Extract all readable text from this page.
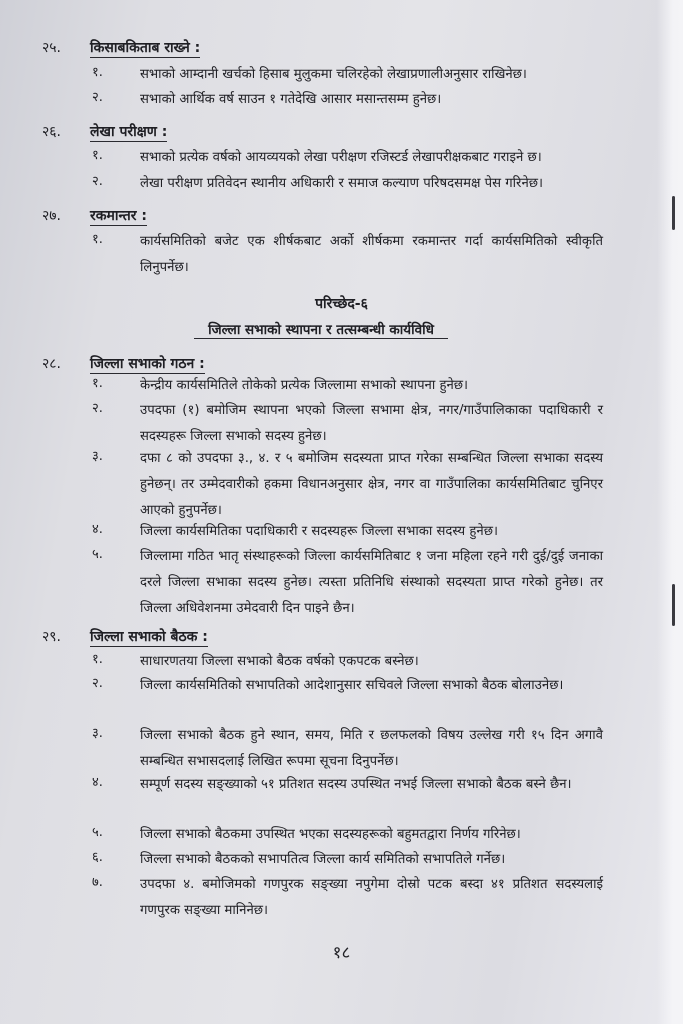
२५. किसाबकिताब राख्ने :
१.	सभाको आम्दानी खर्चको हिसाब मुलुकमा चलिरहेको लेखाप्रणालीअनुसार राखिनेछ।
२.	सभाको आर्थिक वर्ष साउन १ गतेदेखि आसार मसान्तसम्म हुनेछ।
२६. लेखा परीक्षण :
१.	सभाको प्रत्येक वर्षको आयव्ययको लेखा परीक्षण रजिस्टर्ड लेखापरीक्षकबाट गराइने छ।
२.	लेखा परीक्षण प्रतिवेदन स्थानीय अधिकारी र समाज कल्याण परिषदसमक्ष पेस गरिनेछ।
२७. रकमान्तर :
१.	कार्यसमितिको बजेट एक शीर्षकबाट अर्को शीर्षकमा रकमान्तर गर्दा कार्यसमितिको स्वीकृति लिनुपर्नेछ।
परिच्छेद-६
जिल्ला सभाको स्थापना र तत्सम्बन्धी कार्यविधि
२८. जिल्ला सभाको गठन :
१.	केन्द्रीय कार्यसमितिले तोकेको प्रत्येक जिल्लामा सभाको स्थापना हुनेछ।
२.	उपदफा (१) बमोजिम स्थापना भएको जिल्ला सभामा क्षेत्र, नगर/गाउँपालिकाका पदाधिकारी र सदस्यहरू जिल्ला सभाको सदस्य हुनेछ।
३.	दफा ८ को उपदफा ३., ४. र ५ बमोजिम सदस्यता प्राप्त गरेका सम्बन्धित जिल्ला सभाका सदस्य हुनेछन्। तर उम्मेदवारीको हकमा विधानअनुसार क्षेत्र, नगर वा गाउँपालिका कार्यसमितिबाट चुनिएर आएको हुनुपर्नेछ।
४.	जिल्ला कार्यसमितिका पदाधिकारी र सदस्यहरू जिल्ला सभाका सदस्य हुनेछ।
५.	जिल्लामा गठित भातृ संस्थाहरूको जिल्ला कार्यसमितिबाट १ जना महिला रहने गरी दुई/दुई जनाका दरले जिल्ला सभाका सदस्य हुनेछ। त्यस्ता प्रतिनिधि संस्थाको सदस्यता प्राप्त गरेको हुनेछ। तर जिल्ला अधिवेशनमा उमेदवारी दिन पाइने छैन।
२९. जिल्ला सभाको बैठक :
१.	साधारणतया जिल्ला सभाको बैठक वर्षको एकपटक बस्नेछ।
२.	जिल्ला कार्यसमितिको सभापतिको आदेशानुसार सचिवले जिल्ला सभाको बैठक बोलाउनेछ।
३.	जिल्ला सभाको बैठक हुने स्थान, समय, मिति र छलफलको विषय उल्लेख गरी १५ दिन अगावै सम्बन्धित सभासदलाई लिखित रूपमा सूचना दिनुपर्नेछ।
४.	सम्पूर्ण सदस्य सङ्ख्याको ५१ प्रतिशत सदस्य उपस्थित नभई जिल्ला सभाको बैठक बस्ने छैन।
५.	जिल्ला सभाको बैठकमा उपस्थित भएका सदस्यहरूको बहुमतद्वारा निर्णय गरिनेछ।
६.	जिल्ला सभाको बैठकको सभापतित्व जिल्ला कार्य समितिको सभापतिले गर्नेछ।
७.	उपदफा ४. बमोजिमको गणपुरक सङ्ख्या नपुगेमा दोस्रो पटक बस्दा ४१ प्रतिशत सदस्यलाई गणपुरक सङ्ख्या मानिनेछ।
१८
